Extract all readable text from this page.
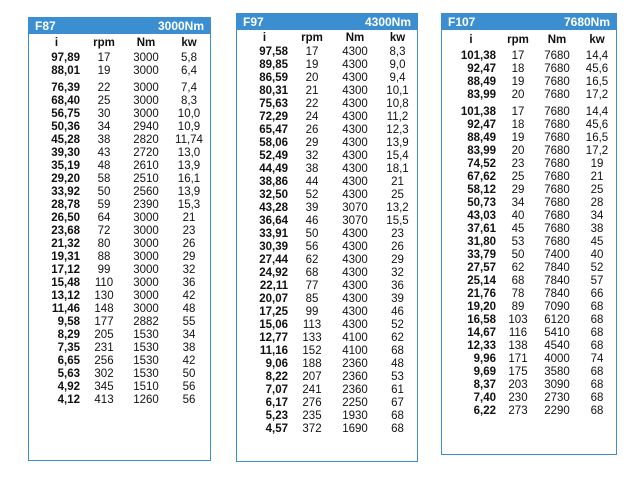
F87	3000Nm
i	rpm	Nm	kw
97,89	17	3000	5,8
88,01	19	3000	6,4
76,39	22	3000	7,4
68,40	25	3000	8,3
56,75	30	3000	10,0
50,36	34	2940	10,9
45,28	38	2820	11,74
39,30	43	2720	13,0
35,19	48	2610	13,9
29,20	58	2510	16,1
33,92	50	2560	13,9
28,78	59	2390	15,3
26,50	64	3000	21
23,68	72	3000	23
21,32	80	3000	26
19,31	88	3000	29
17,12	99	3000	32
15,48	110	3000	36
13,12	130	3000	42
11,46	148	3000	48
9,58	177	2882	55
8,29	205	1530	34
7,35	231	1530	38
6,65	256	1530	42
5,63	302	1530	50
4,92	345	1510	56
4,12	413	1260	56
F97	4300Nm
i	rpm	Nm	kw
97,58	17	4300	8,3
89,85	19	4300	9,0
86,59	20	4300	9,4
80,31	21	4300	10,1
75,63	22	4300	10,8
72,29	24	4300	11,2
65,47	26	4300	12,3
58,06	29	4300	13,9
52,49	32	4300	15,4
44,49	38	4300	18,1
38,86	44	4300	21
32,50	52	4300	25
43,28	39	3070	13,2
36,64	46	3070	15,5
33,91	50	4300	23
30,39	56	4300	26
27,44	62	4300	29
24,92	68	4300	32
22,11	77	4300	36
20,07	85	4300	39
17,25	99	4300	46
15,06	113	4300	52
12,77	133	4100	62
11,16	152	4100	68
9,06	188	2360	48
8,22	207	2360	53
7,07	241	2360	61
6,17	276	2250	67
5,23	235	1930	68
4,57	372	1690	68
F107	7680Nm
i	rpm	Nm	kw
101,38	17	7680	14,4
92,47	18	7680	45,6
88,49	19	7680	16,5
83,99	20	7680	17,2
101,38	17	7680	14,4
92,47	18	7680	45,6
88,49	19	7680	16,5
83,99	20	7680	17,2
74,52	23	7680	19
67,62	25	7680	21
58,12	29	7680	25
50,73	34	7680	28
43,03	40	7680	34
37,61	45	7680	38
31,80	53	7680	45
33,79	50	7400	40
27,57	62	7840	52
25,14	68	7840	57
21,76	78	7840	66
19,20	89	7090	68
16,58	103	6120	68
14,67	116	5410	68
12,33	138	4540	68
9,96	171	4000	74
9,69	175	3580	68
8,37	203	3090	68
7,40	230	2730	68
6,22	273	2290	68
